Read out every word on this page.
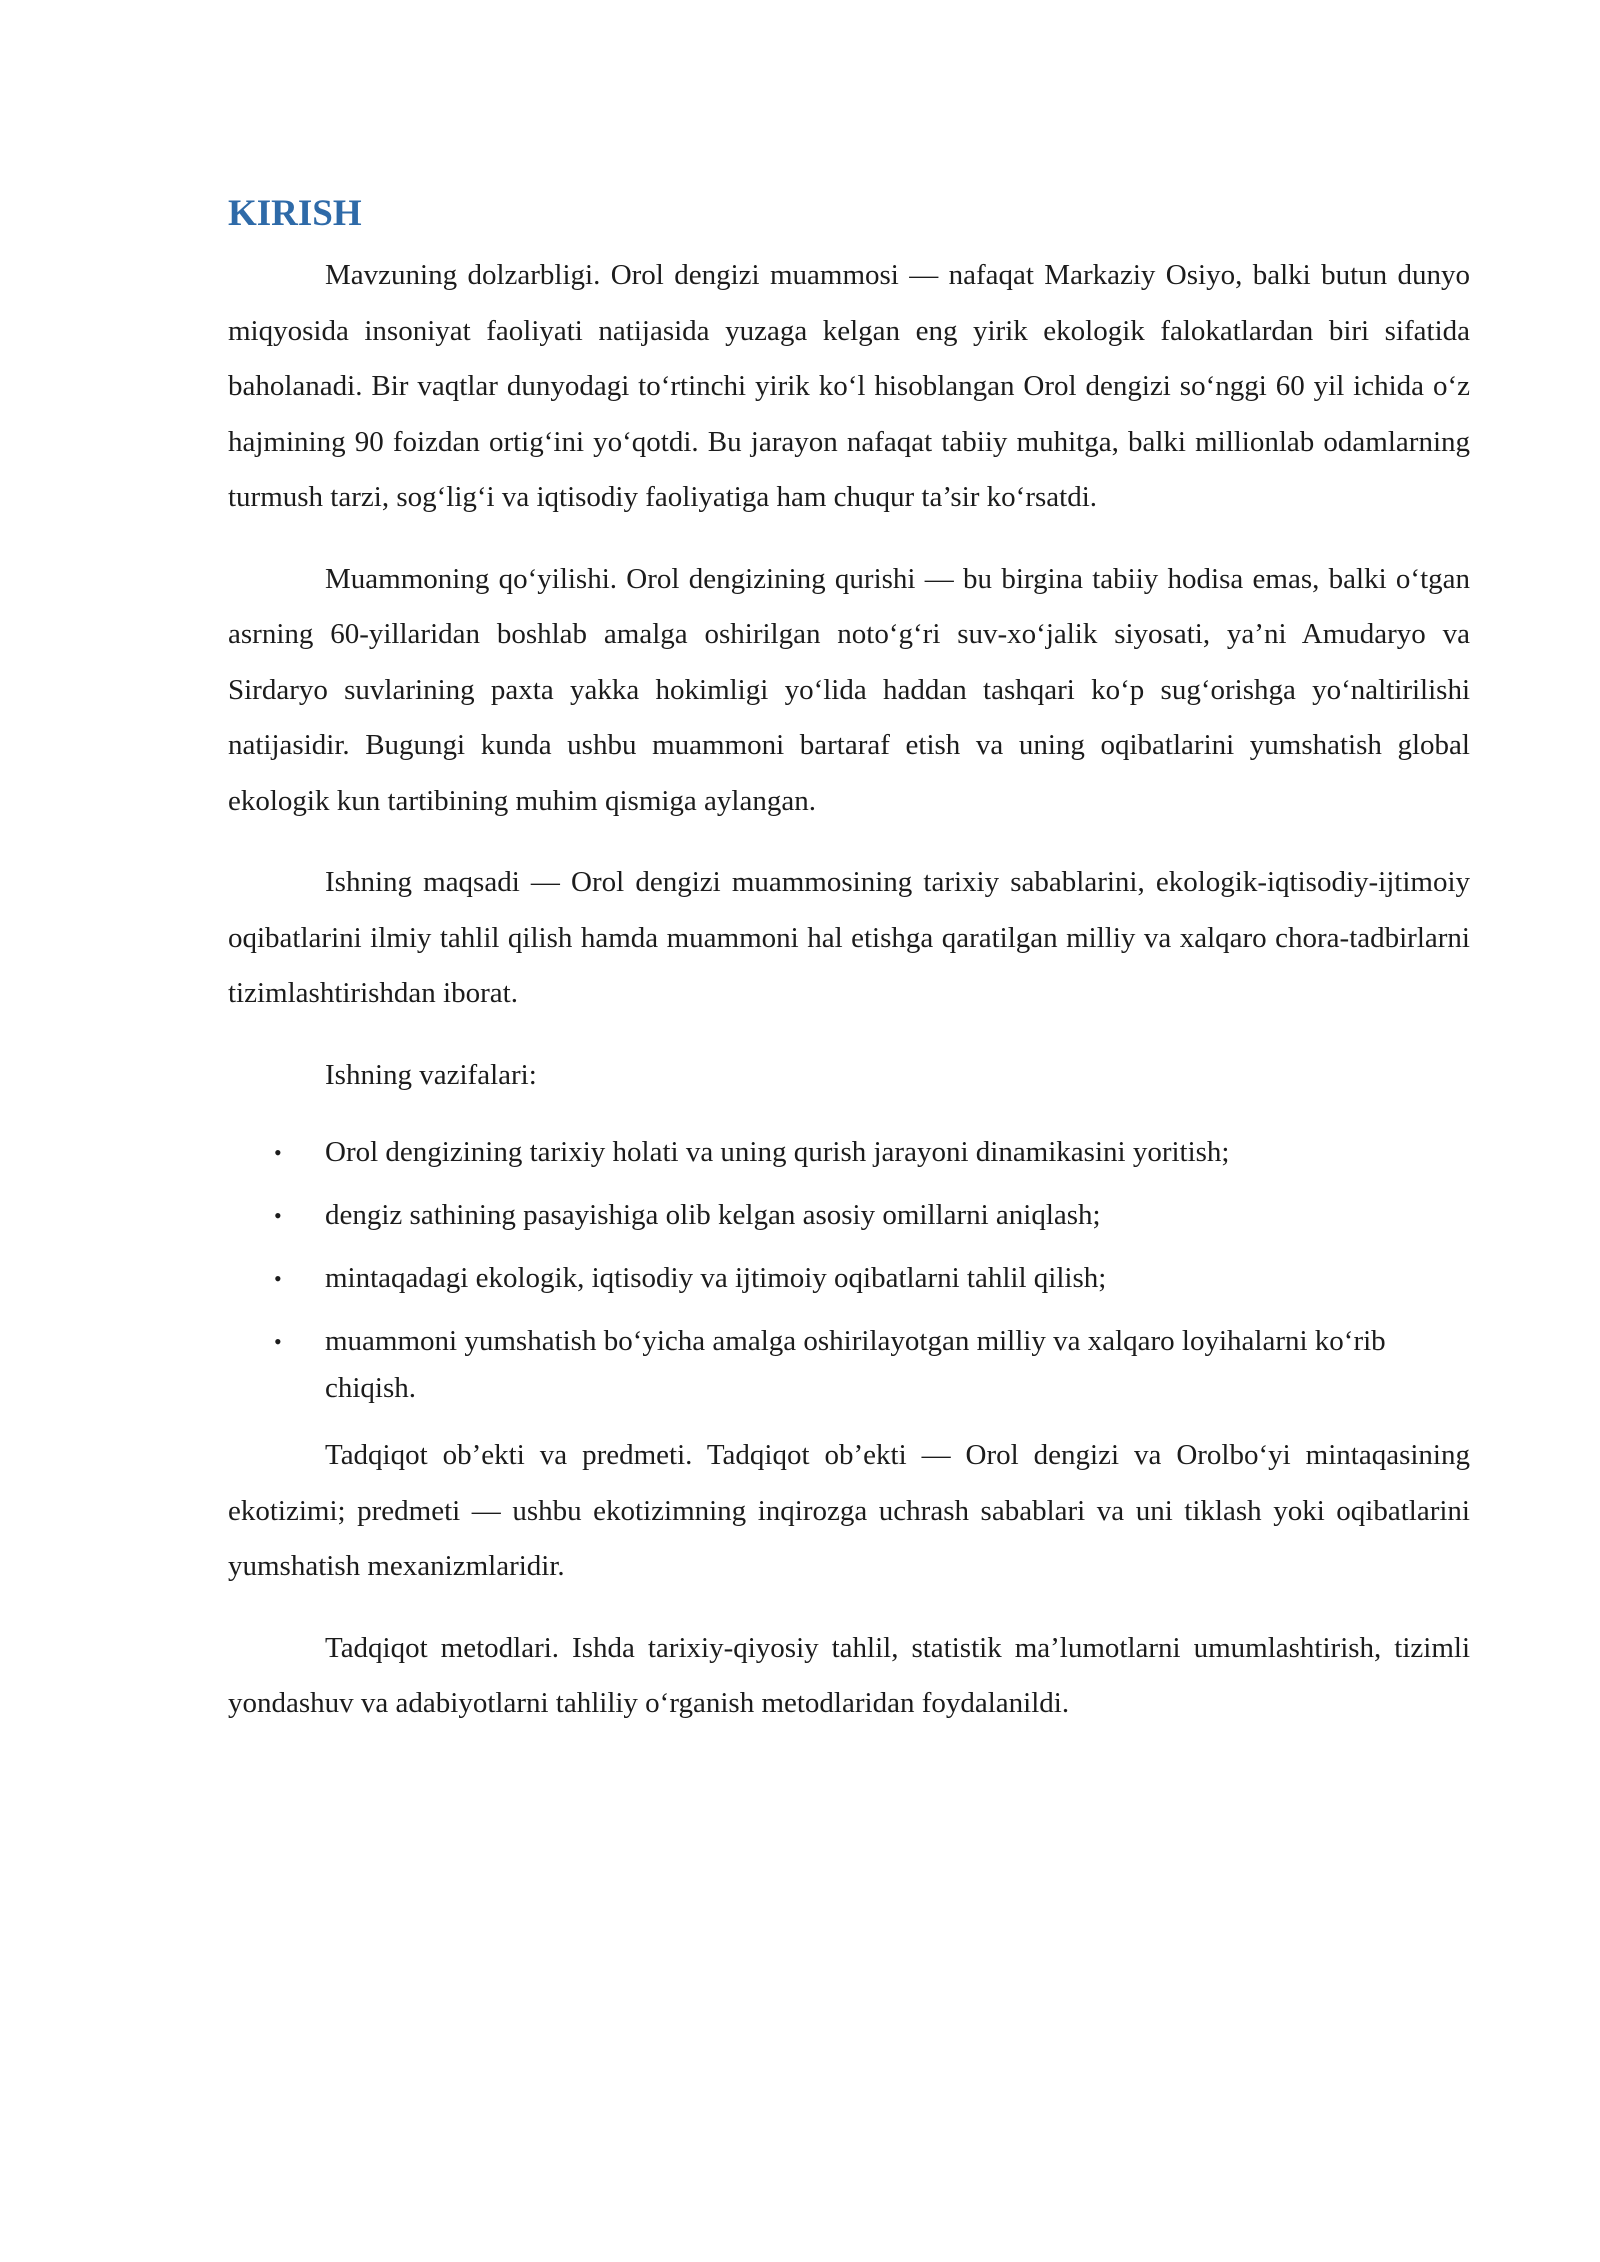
KIRISH

Mavzuning dolzarbligi. Orol dengizi muammosi — nafaqat Markaziy Osiyo, balki butun dunyo miqyosida insoniyat faoliyati natijasida yuzaga kelgan eng yirik ekologik falokatlardan biri sifatida baholanadi. Bir vaqtlar dunyodagi to‘rtinchi yirik ko‘l hisoblangan Orol dengizi so‘nggi 60 yil ichida o‘z hajmining 90 foizdan ortig‘ini yo‘qotdi. Bu jarayon nafaqat tabiiy muhitga, balki millionlab odamlarning turmush tarzi, sog‘lig‘i va iqtisodiy faoliyatiga ham chuqur ta’sir ko‘rsatdi.

Muammoning qo‘yilishi. Orol dengizining qurishi — bu birgina tabiiy hodisa emas, balki o‘tgan asrning 60-yillaridan boshlab amalga oshirilgan noto‘g‘ri suv-xo‘jalik siyosati, ya’ni Amudaryo va Sirdaryo suvlarining paxta yakka hokimligi yo‘lida haddan tashqari ko‘p sug‘orishga yo‘naltirilishi natijasidir. Bugungi kunda ushbu muammoni bartaraf etish va uning oqibatlarini yumshatish global ekologik kun tartibining muhim qismiga aylangan.

Ishning maqsadi — Orol dengizi muammosining tarixiy sabablarini, ekologik-iqtisodiy-ijtimoiy oqibatlarini ilmiy tahlil qilish hamda muammoni hal etishga qaratilgan milliy va xalqaro chora-tadbirlarni tizimlashtirishdan iborat.

Ishning vazifalari:

• Orol dengizining tarixiy holati va uning qurish jarayoni dinamikasini yoritish;
• dengiz sathining pasayishiga olib kelgan asosiy omillarni aniqlash;
• mintaqadagi ekologik, iqtisodiy va ijtimoiy oqibatlarni tahlil qilish;
• muammoni yumshatish bo‘yicha amalga oshirilayotgan milliy va xalqaro loyihalarni ko‘rib chiqish.

Tadqiqot ob’ekti va predmeti. Tadqiqot ob’ekti — Orol dengizi va Orolbo‘yi mintaqasining ekotizimi; predmeti — ushbu ekotizimning inqirozga uchrash sabablari va uni tiklash yoki oqibatlarini yumshatish mexanizmlaridir.

Tadqiqot metodlari. Ishda tarixiy-qiyosiy tahlil, statistik ma’lumotlarni umumlashtirish, tizimli yondashuv va adabiyotlarni tahliliy o‘rganish metodlaridan foydalanildi.
